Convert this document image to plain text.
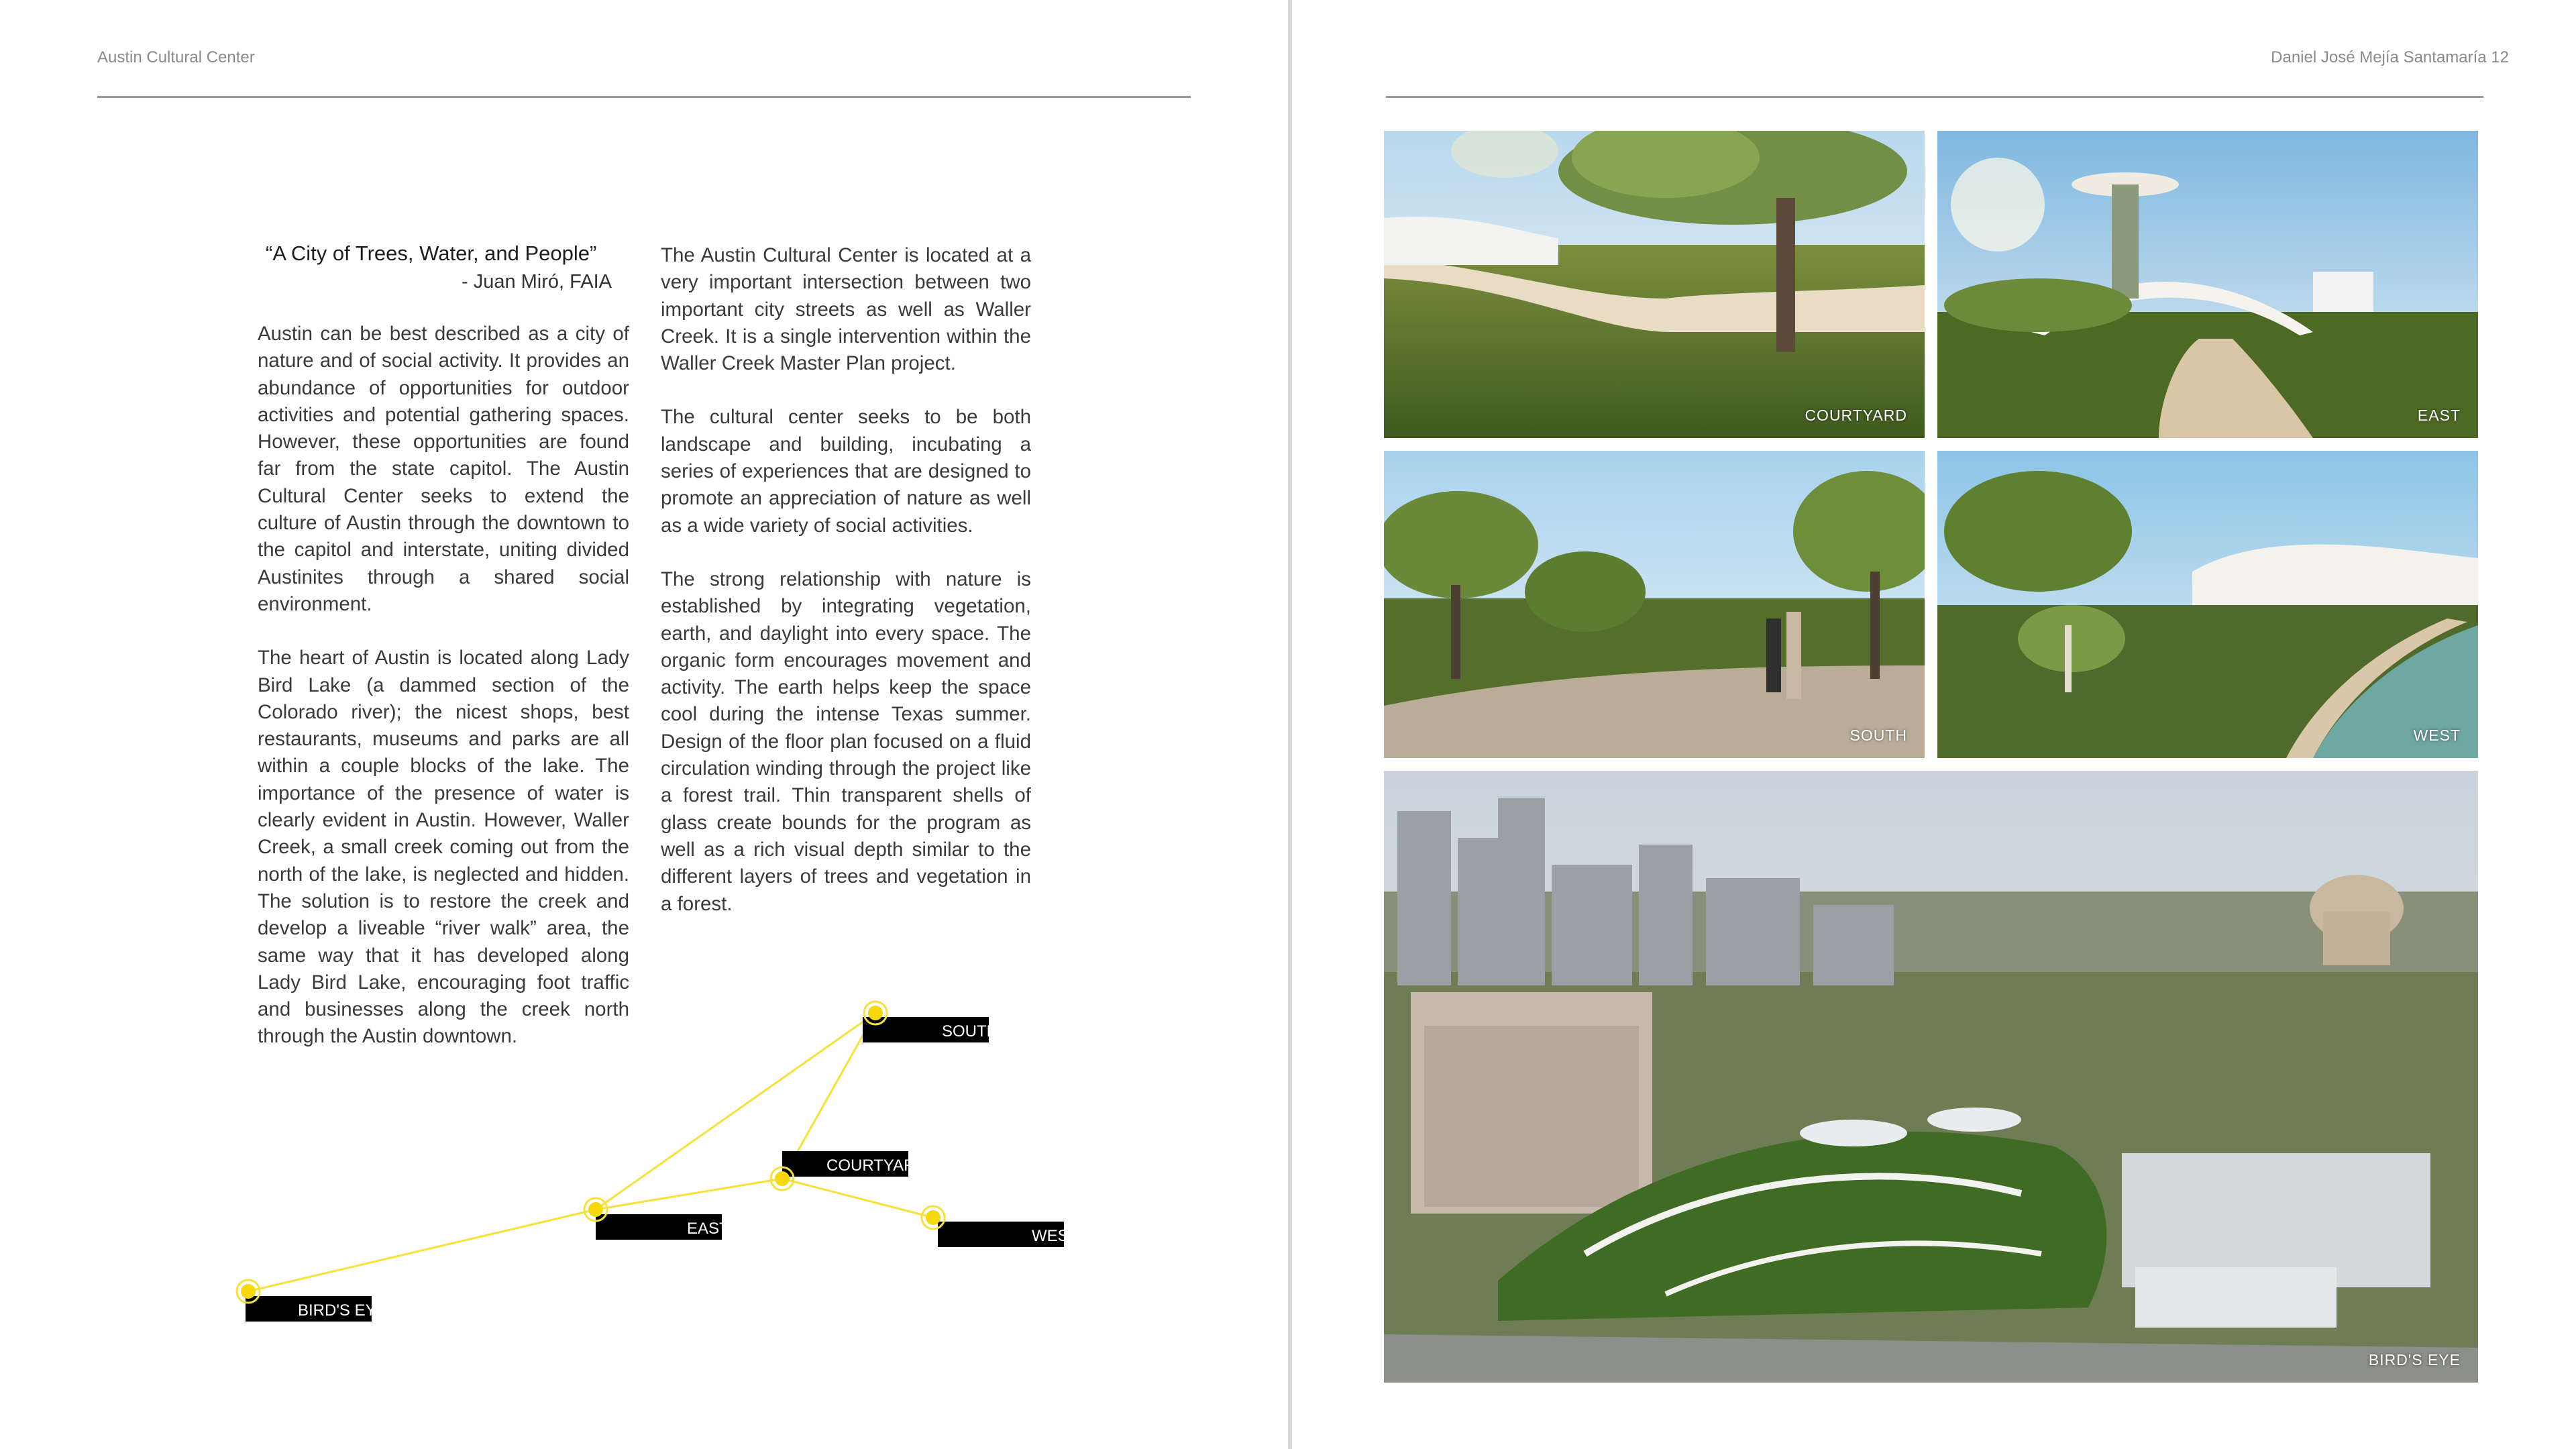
Austin Cultural Center
“A City of Trees, Water, and People”
- Juan Miró, FAIA

Austin can be best described as a city of nature and of social activity. It provides an abundance of opportunities for outdoor activities and potential gathering spaces. However, these opportunities are found far from the state capitol. The Austin Cultural Center seeks to extend the culture of Austin through the downtown to the capitol and interstate, uniting divided Austinites through a shared social environment.

The heart of Austin is located along Lady Bird Lake (a dammed section of the Colorado river); the nicest shops, best restaurants, museums and parks are all within a couple blocks of the lake. The importance of the presence of water is clearly evident in Austin. However, Waller Creek, a small creek coming out from the north of the lake, is neglected and hidden. The solution is to restore the creek and develop a liveable “river walk” area, the same way that it has developed along Lady Bird Lake, encouraging foot traffic and businesses along the creek north through the Austin downtown.

The Austin Cultural Center is located at a very important intersection between two important city streets as well as Waller Creek. It is a single intervention within the Waller Creek Master Plan project.

The cultural center seeks to be both landscape and building, incubating a series of experiences that are designed to promote an appreciation of nature as well as a wide variety of social activities.

The strong relationship with nature is established by integrating vegetation, earth, and daylight into every space. The organic form encourages movement and activity. The earth helps keep the space cool during the intense Texas summer. Design of the floor plan focused on a fluid circulation winding through the project like a forest trail. Thin transparent shells of glass create bounds for the program as well as a rich visual depth similar to the different layers of trees and vegetation in a forest.

SOUTH
COURTYARD
EAST	WEST
BIRD'S EYE
Daniel José Mejía Santamaría 12
COURTYARD	EAST
SOUTH	WEST
BIRD'S EYE
